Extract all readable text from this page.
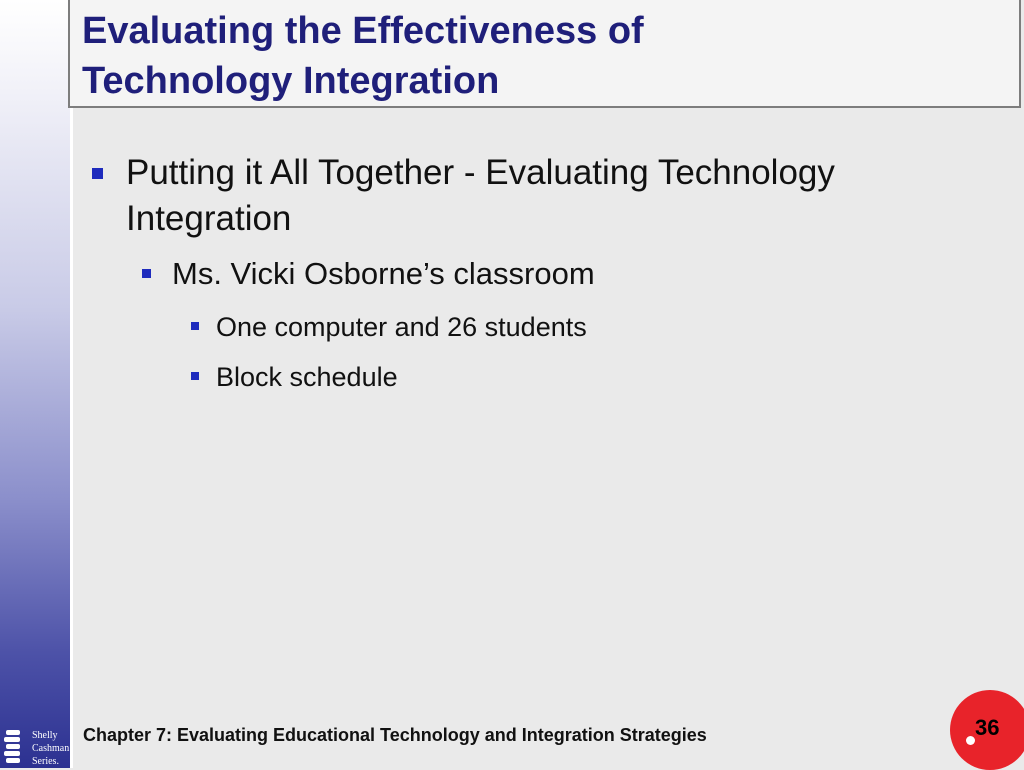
Evaluating the Effectiveness of
Technology Integration
Putting it All Together - Evaluating Technology Integration
Ms. Vicki Osborne’s classroom
One computer and 26 students
Block schedule
Chapter 7: Evaluating Educational Technology and Integration Strategies	36
Shelly
Cashman
Series.
